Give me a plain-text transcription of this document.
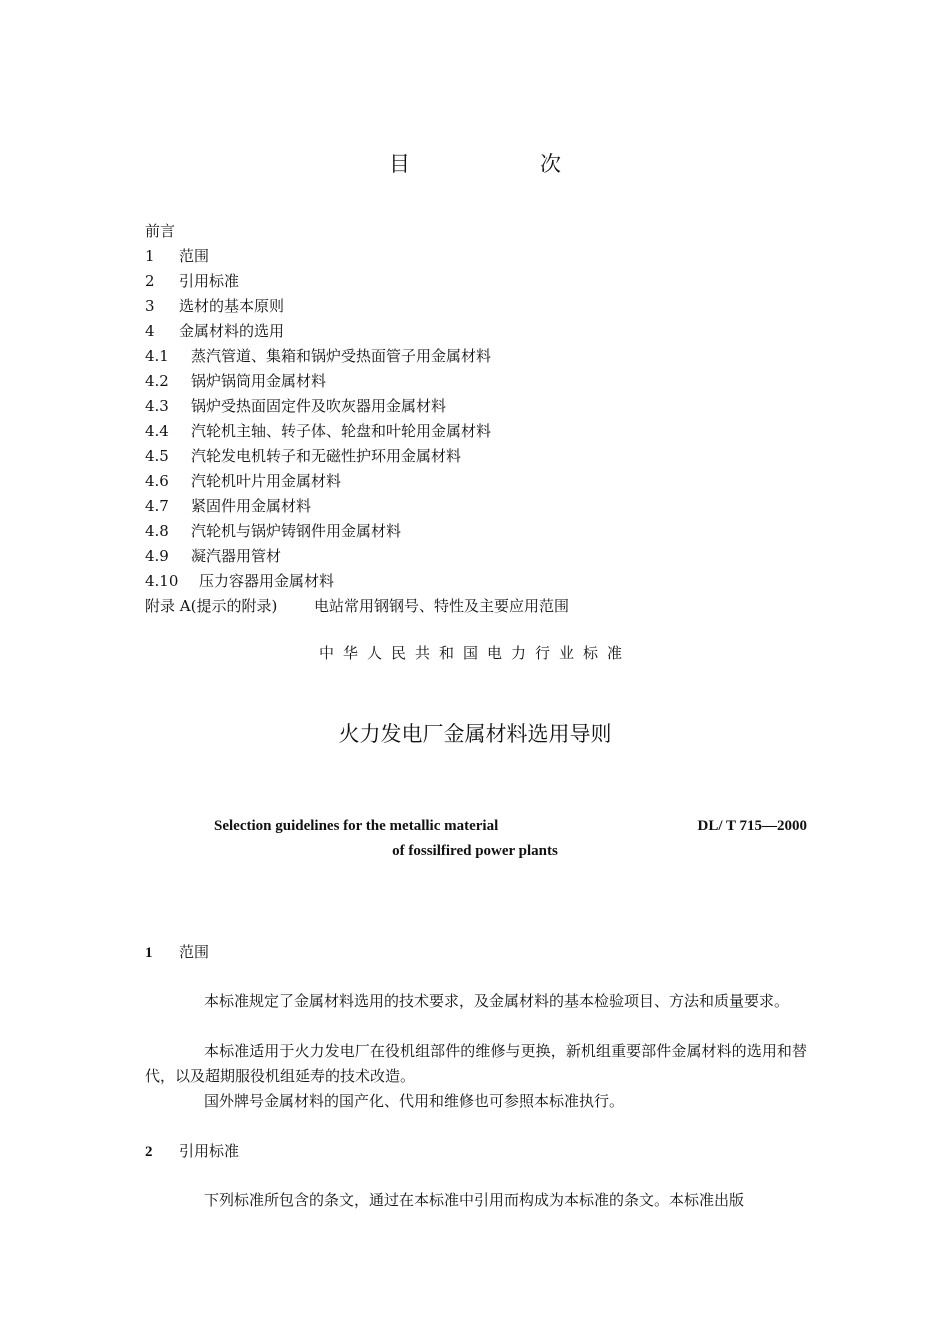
目	次
前言
1 范围
2 引用标准
3 选材的基本原则
4 金属材料的选用
4.1 蒸汽管道、集箱和锅炉受热面管子用金属材料
4.2 锅炉锅筒用金属材料
4.3 锅炉受热面固定件及吹灰器用金属材料
4.4 汽轮机主轴、转子体、轮盘和叶轮用金属材料
4.5 汽轮发电机转子和无磁性护环用金属材料
4.6 汽轮机叶片用金属材料
4.7 紧固件用金属材料
4.8 汽轮机与锅炉铸钢件用金属材料
4.9 凝汽器用管材
4.10 压力容器用金属材料
附录 A(提示的附录) 电站常用钢钢号、特性及主要应用范围
中华人民共和国电力行业标准
火力发电厂金属材料选用导则
Selection guidelines for the metallic material	DL/ T 715—2000
of fossilfired power plants
1 范围
本标准规定了金属材料选用的技术要求，及金属材料的基本检验项目、方法和质量要求。
本标准适用于火力发电厂在役机组部件的维修与更换，新机组重要部件金属材料的选用和替代，以及超期服役机组延寿的技术改造。
国外牌号金属材料的国产化、代用和维修也可参照本标准执行。
2 引用标准
下列标准所包含的条文，通过在本标准中引用而构成为本标准的条文。本标准出版
